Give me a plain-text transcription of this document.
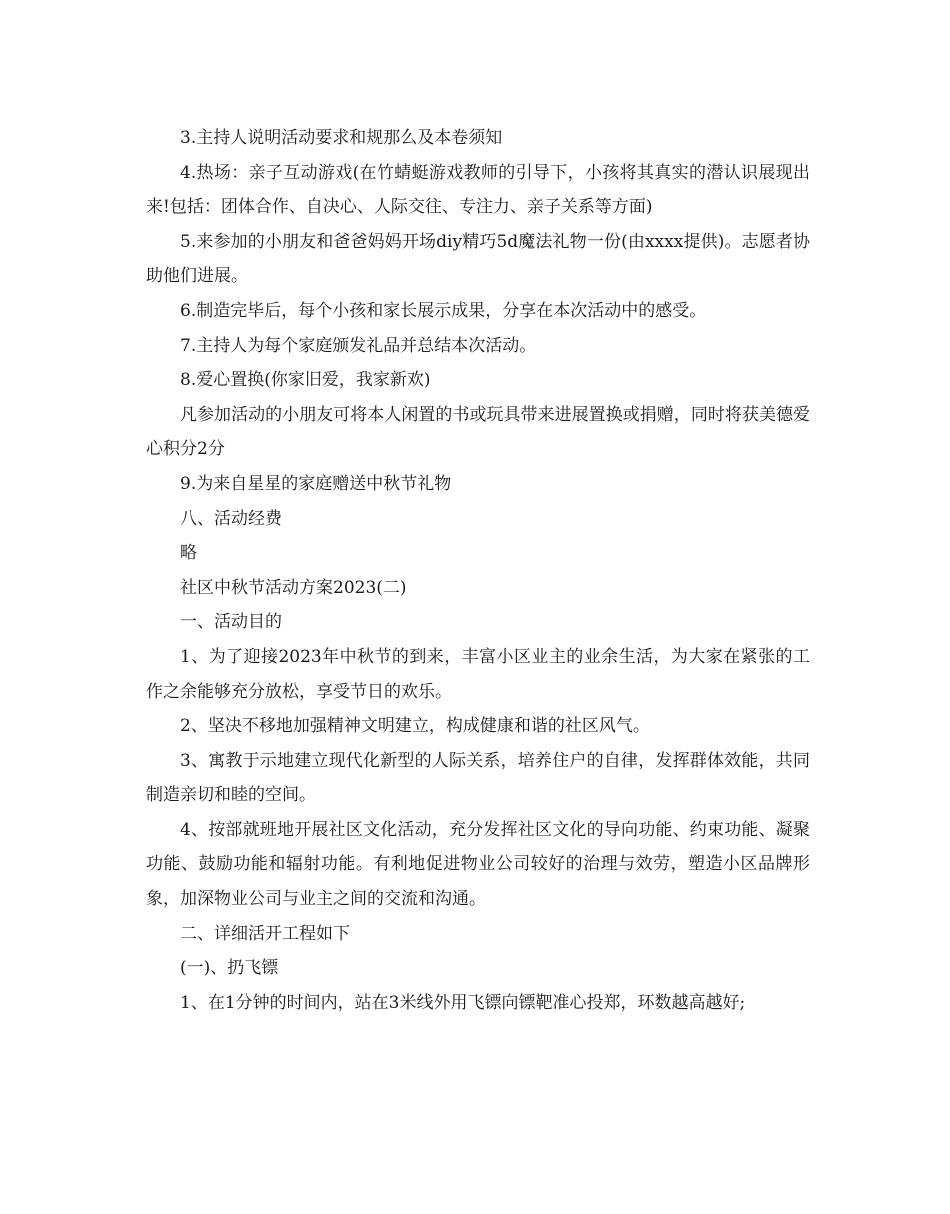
3.主持人说明活动要求和规那么及本卷须知

4.热场：亲子互动游戏(在竹蜻蜓游戏教师的引导下，小孩将其真实的潜认识展现出来!包括：团体合作、自决心、人际交往、专注力、亲子关系等方面)

5.来参加的小朋友和爸爸妈妈开场diy精巧5d魔法礼物一份(由xxxx提供)。志愿者协助他们进展。

6.制造完毕后，每个小孩和家长展示成果，分享在本次活动中的感受。

7.主持人为每个家庭颁发礼品并总结本次活动。

8.爱心置换(你家旧爱，我家新欢)

凡参加活动的小朋友可将本人闲置的书或玩具带来进展置换或捐赠，同时将获美德爱心积分2分

9.为来自星星的家庭赠送中秋节礼物

八、活动经费

略

社区中秋节活动方案2023(二)

一、活动目的

1、为了迎接2023年中秋节的到来，丰富小区业主的业余生活，为大家在紧张的工作之余能够充分放松，享受节日的欢乐。

2、坚决不移地加强精神文明建立，构成健康和谐的社区风气。

3、寓教于示地建立现代化新型的人际关系，培养住户的自律，发挥群体效能，共同制造亲切和睦的空间。

4、按部就班地开展社区文化活动，充分发挥社区文化的导向功能、约束功能、凝聚功能、鼓励功能和辐射功能。有利地促进物业公司较好的治理与效劳，塑造小区品牌形象，加深物业公司与业主之间的交流和沟通。

二、详细活开工程如下

(一)、扔飞镖

1、在1分钟的时间内，站在3米线外用飞镖向镖靶准心投郑，环数越高越好;
